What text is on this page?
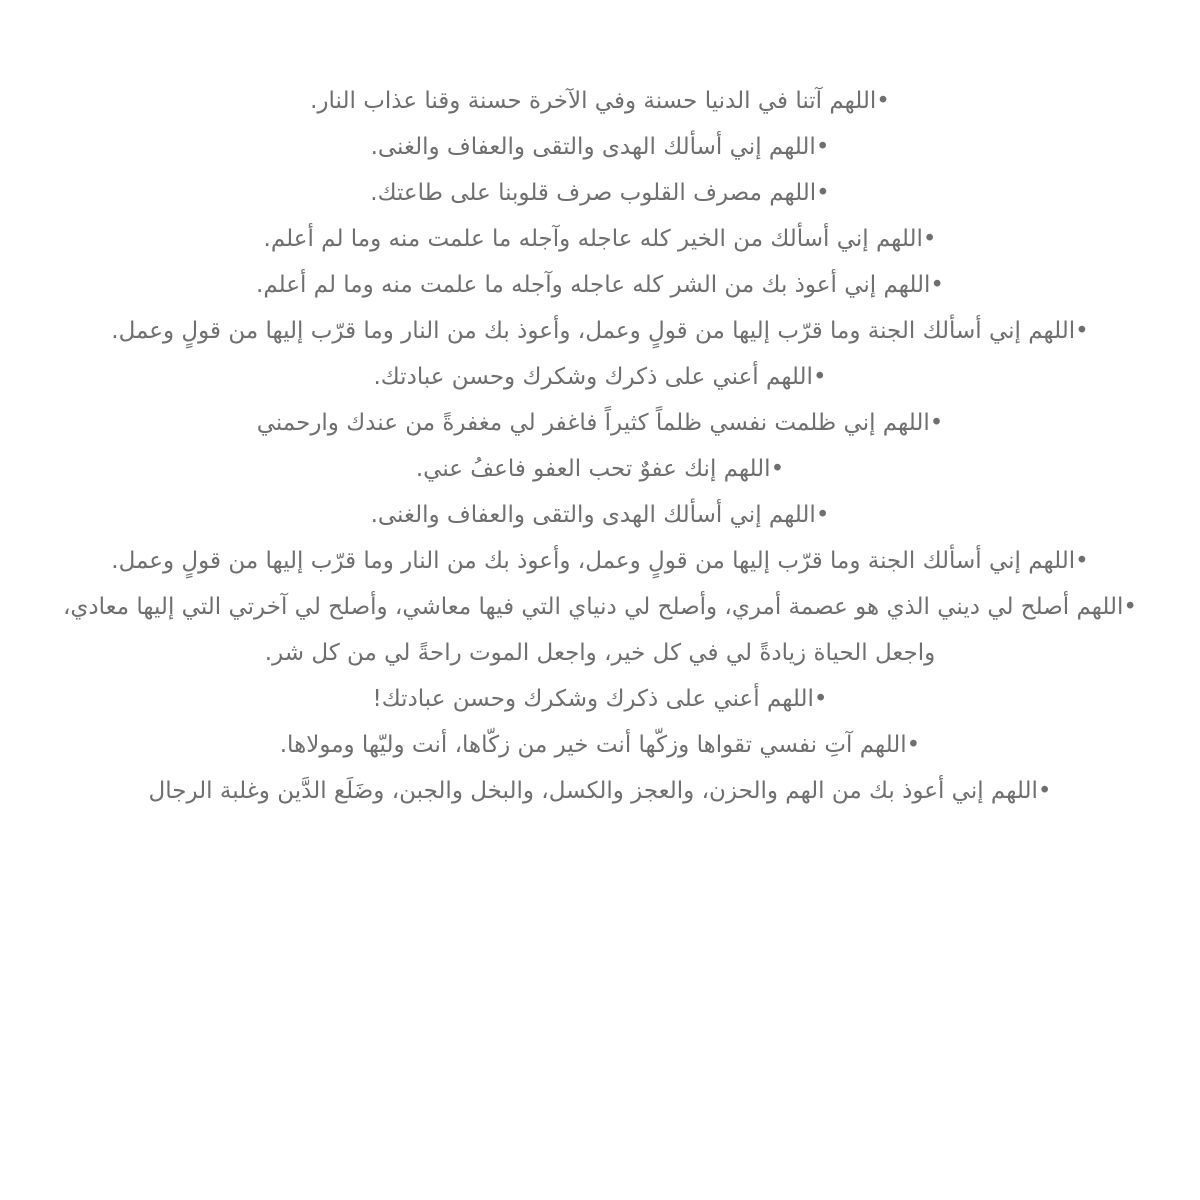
•اللهم آتنا في الدنيا حسنة وفي الآخرة حسنة وقنا عذاب النار.
•اللهم إني أسألك الهدى والتقى والعفاف والغنى.
•اللهم مصرف القلوب صرف قلوبنا على طاعتك.
•اللهم إني أسألك من الخير كله عاجله وآجله ما علمت منه وما لم أعلم.
•اللهم إني أعوذ بك من الشر كله عاجله وآجله ما علمت منه وما لم أعلم.
•اللهم إني أسألك الجنة وما قرّب إليها من قولٍ وعمل، وأعوذ بك من النار وما قرّب إليها من قولٍ وعمل.
•اللهم أعني على ذكرك وشكرك وحسن عبادتك.
•اللهم إني ظلمت نفسي ظلماً كثيراً فاغفر لي مغفرةً من عندك وارحمني
•اللهم إنك عفوٌ تحب العفو فاعفُ عني.
•اللهم إني أسألك الهدى والتقى والعفاف والغنى.
•اللهم إني أسألك الجنة وما قرّب إليها من قولٍ وعمل، وأعوذ بك من النار وما قرّب إليها من قولٍ وعمل.
•اللهم أصلح لي ديني الذي هو عصمة أمري، وأصلح لي دنياي التي فيها معاشي، وأصلح لي آخرتي التي إليها معادي،
واجعل الحياة زيادةً لي في كل خير، واجعل الموت راحةً لي من كل شر.
•اللهم أعني على ذكرك وشكرك وحسن عبادتك!
•اللهم آتِ نفسي تقواها وزكّها أنت خير من زكّاها، أنت وليّها ومولاها.
•اللهم إني أعوذ بك من الهم والحزن، والعجز والكسل، والبخل والجبن، وضَلَع الدَّين وغلبة الرجال
